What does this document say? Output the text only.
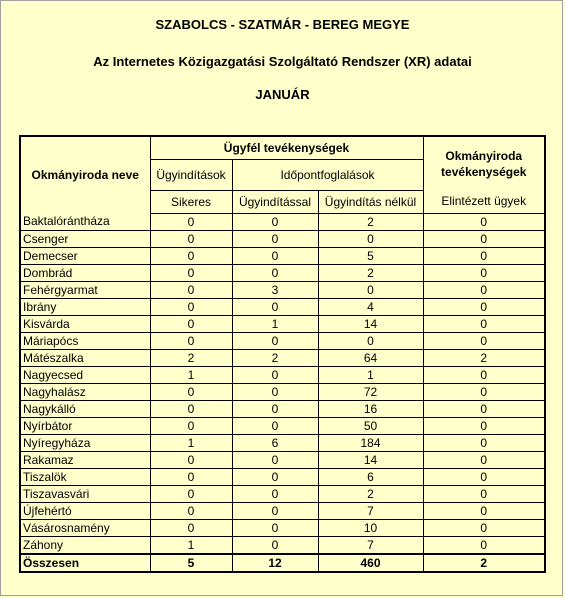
SZABOLCS - SZATMÁR - BEREG MEGYE
Az Internetes Közigazgatási Szolgáltató Rendszer (XR) adatai
JANUÁR
Okmányiroda neve	Ügyfél tevékenységek			Okmányiroda tevékenységek
	Ügyindítások	Időpontfoglalások		
	Sikeres	Ügyindítással	Ügyindítás nélkül	Elintézett ügyek
Baktalórántháza	0	0	2	0
Csenger	0	0	0	0
Demecser	0	0	5	0
Dombrád	0	0	2	0
Fehérgyarmat	0	3	0	0
Ibrány	0	0	4	0
Kisvárda	0	1	14	0
Máriapócs	0	0	0	0
Mátészalka	2	2	64	2
Nagyecsed	1	0	1	0
Nagyhalász	0	0	72	0
Nagykálló	0	0	16	0
Nyírbátor	0	0	50	0
Nyíregyháza	1	6	184	0
Rakamaz	0	0	14	0
Tiszalök	0	0	6	0
Tiszavasvári	0	0	2	0
Újfehértó	0	0	7	0
Vásárosnamény	0	0	10	0
Záhony	1	0	7	0
Összesen	5	12	460	2
